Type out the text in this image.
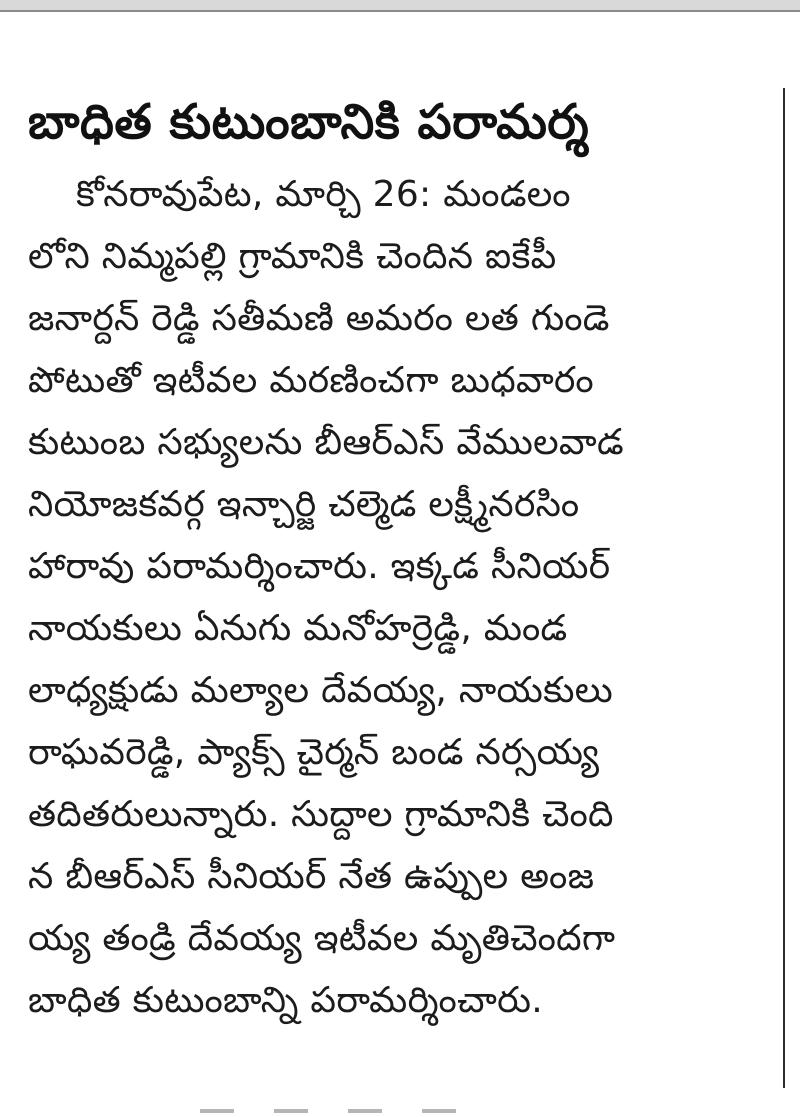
బాధిత కుటుంబానికి పరామర్శ
కోనరావుపేట, మార్చి 26: మండలం
లోని నిమ్మపల్లి గ్రామానికి చెందిన ఐకేపీ
జనార్దన్ రెడ్డి సతీమణి అమరం లత గుండె
పోటుతో ఇటీవల మరణించగా బుధవారం
కుటుంబ సభ్యులను బీఆర్ఎస్ వేములవాడ
నియోజకవర్గ ఇన్చార్జి చల్మెడ లక్ష్మీనరసిం
హారావు పరామర్శించారు. ఇక్కడ సీనియర్
నాయకులు ఏనుగు మనోహర్రెడ్డి, మండ
లాధ్యక్షుడు మల్యాల దేవయ్య, నాయకులు
రాఘవరెడ్డి, ప్యాక్స్ చైర్మన్ బండ నర్సయ్య
తదితరులున్నారు. సుద్దాల గ్రామానికి చెంది
న బీఆర్ఎస్ సీనియర్ నేత ఉప్పుల అంజ
య్య తండ్రి దేవయ్య ఇటీవల మృతిచెందగా
బాధిత కుటుంబాన్ని పరామర్శించారు.
